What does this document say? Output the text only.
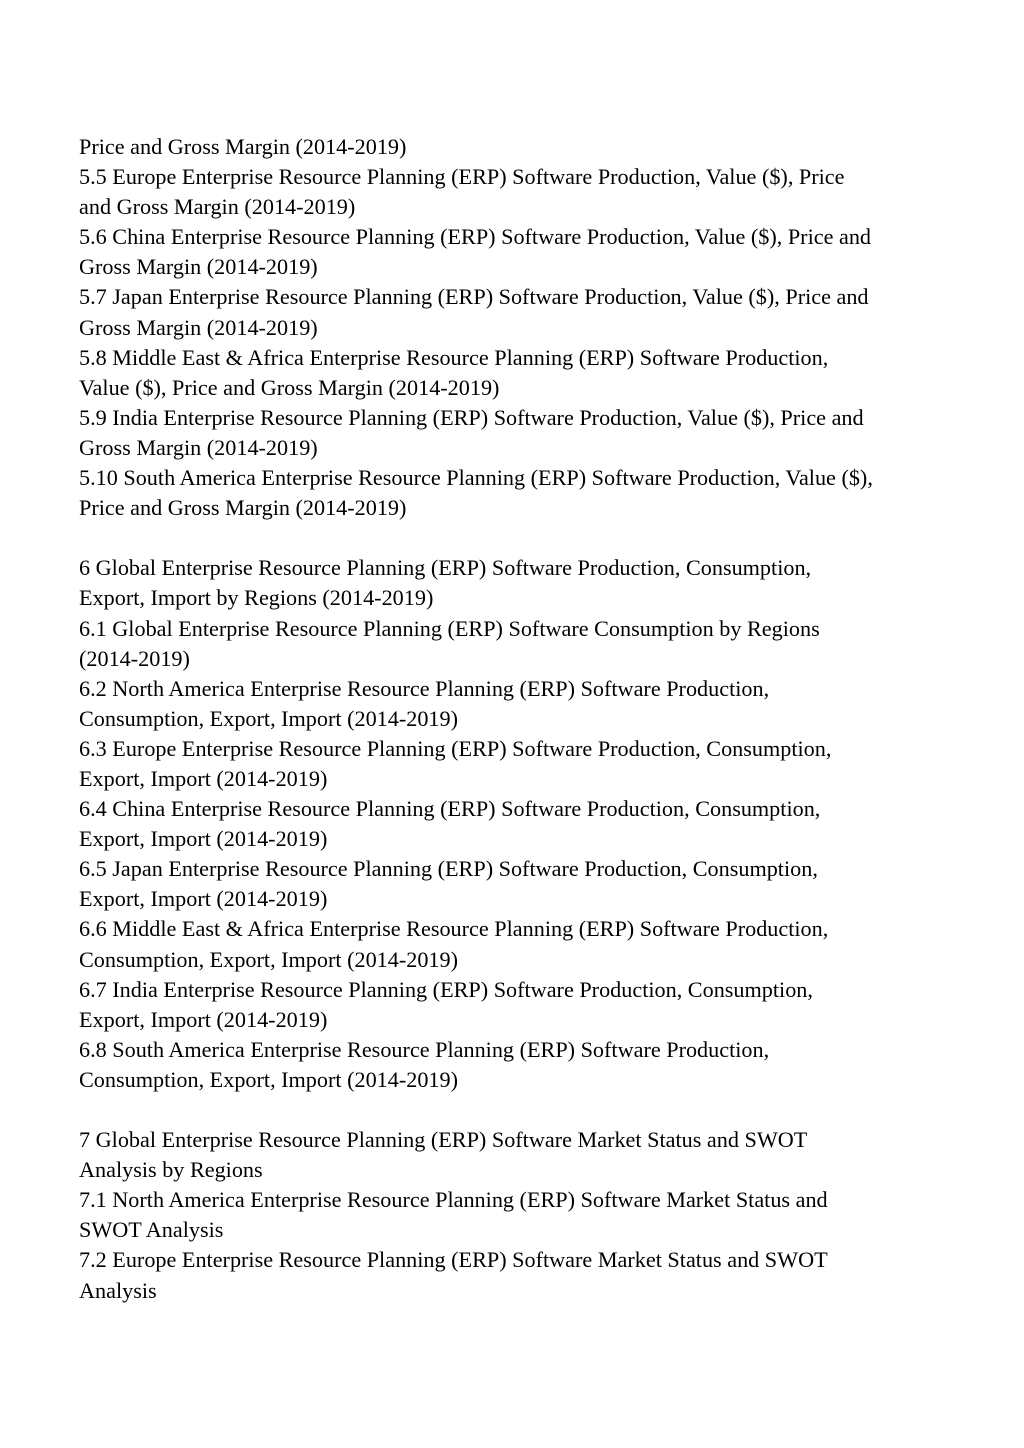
Price and Gross Margin (2014-2019)
5.5 Europe Enterprise Resource Planning (ERP) Software Production, Value ($), Price
and Gross Margin (2014-2019)
5.6 China Enterprise Resource Planning (ERP) Software Production, Value ($), Price and
Gross Margin (2014-2019)
5.7 Japan Enterprise Resource Planning (ERP) Software Production, Value ($), Price and
Gross Margin (2014-2019)
5.8 Middle East & Africa Enterprise Resource Planning (ERP) Software Production,
Value ($), Price and Gross Margin (2014-2019)
5.9 India Enterprise Resource Planning (ERP) Software Production, Value ($), Price and
Gross Margin (2014-2019)
5.10 South America Enterprise Resource Planning (ERP) Software Production, Value ($),
Price and Gross Margin (2014-2019)
6 Global Enterprise Resource Planning (ERP) Software Production, Consumption,
Export, Import by Regions (2014-2019)
6.1 Global Enterprise Resource Planning (ERP) Software Consumption by Regions
(2014-2019)
6.2 North America Enterprise Resource Planning (ERP) Software Production,
Consumption, Export, Import (2014-2019)
6.3 Europe Enterprise Resource Planning (ERP) Software Production, Consumption,
Export, Import (2014-2019)
6.4 China Enterprise Resource Planning (ERP) Software Production, Consumption,
Export, Import (2014-2019)
6.5 Japan Enterprise Resource Planning (ERP) Software Production, Consumption,
Export, Import (2014-2019)
6.6 Middle East & Africa Enterprise Resource Planning (ERP) Software Production,
Consumption, Export, Import (2014-2019)
6.7 India Enterprise Resource Planning (ERP) Software Production, Consumption,
Export, Import (2014-2019)
6.8 South America Enterprise Resource Planning (ERP) Software Production,
Consumption, Export, Import (2014-2019)
7 Global Enterprise Resource Planning (ERP) Software Market Status and SWOT
Analysis by Regions
7.1 North America Enterprise Resource Planning (ERP) Software Market Status and
SWOT Analysis
7.2 Europe Enterprise Resource Planning (ERP) Software Market Status and SWOT
Analysis
